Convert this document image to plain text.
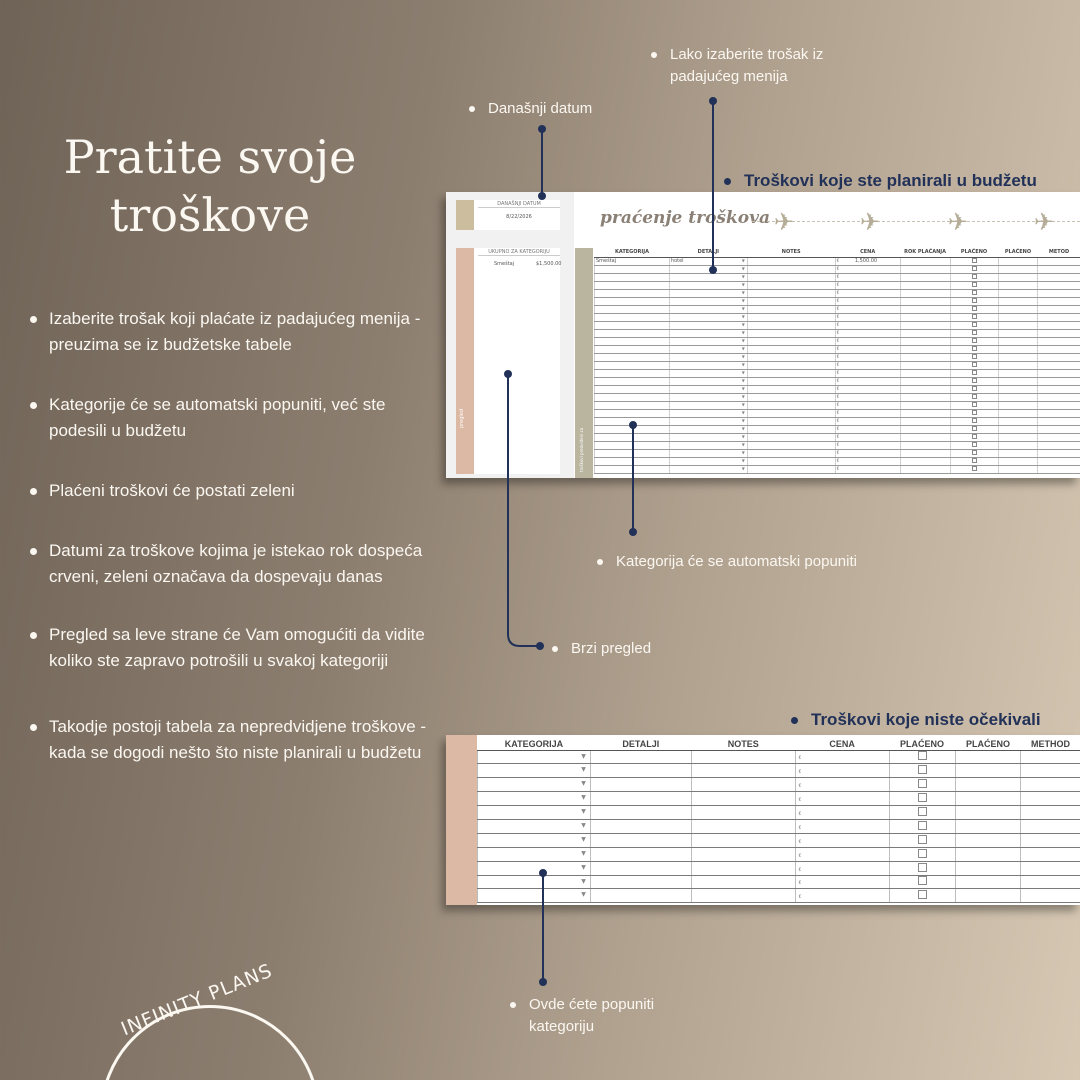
Pratite svoje troškove
Izaberite trošak koji plaćate iz padajućeg menija - preuzima se iz budžetske tabele
Kategorije će se automatski popuniti, već ste podesili u budžetu
Plaćeni troškovi će postati zeleni
Datumi za troškove kojima je istekao rok dospeća crveni, zeleni označava da dospevaju danas
Pregled sa leve strane će Vam omogućiti da vidite koliko ste zapravo potrošili u svakoj kategoriji
Takodje postoji tabela za nepredvidjene troškove - kada se dogodi nešto što niste planirali u budžetu
DANAŠNJI DATUM
8/22/2026
pregled
UKUPNO ZA KATEGORIJU
Smeštaj	$1,500.00
praćenje troškova ✈	✈	✈	✈
troškovi predviđeni za
KATEGORIJA	DETALJI	NOTES	CENA	ROK PLAĆANJA	PLAĆENO	PLAĆENO	METOD
Smeštaj	hotel ▼		€ 1,500.00				

	▼		€				

	▼		€				

	▼		€				

	▼		€				

	▼		€				

	▼		€				

	▼		€				

	▼		€				

	▼		€				

	▼		€				

	▼		€				

	▼		€				

	▼		€				

	▼		€				

	▼		€				

	▼		€				

	▼		€				

	▼		€				

	▼		€				

	▼		€				

	▼		€				

	▼		€				

	▼		€				

	▼		€				

	▼		€				

	▼		€				
KATEGORIJA	DETALJI	NOTES	CENA	PLAĆENO	PLAĆENO	METHOD

▼			€			

▼			€			

▼			€			

▼			€			

▼			€			

▼			€			

▼			€			

▼			€			

▼			€			

▼			€			

▼			€			
Lako izaberite trošak iz padajućeg menija
Današnji datum
Troškovi koje ste planirali u budžetu
Kategorija će se automatski popuniti
Brzi pregled
Troškovi koje niste očekivali
Ovde ćete popuniti kategoriju
INFINITY PLANS
